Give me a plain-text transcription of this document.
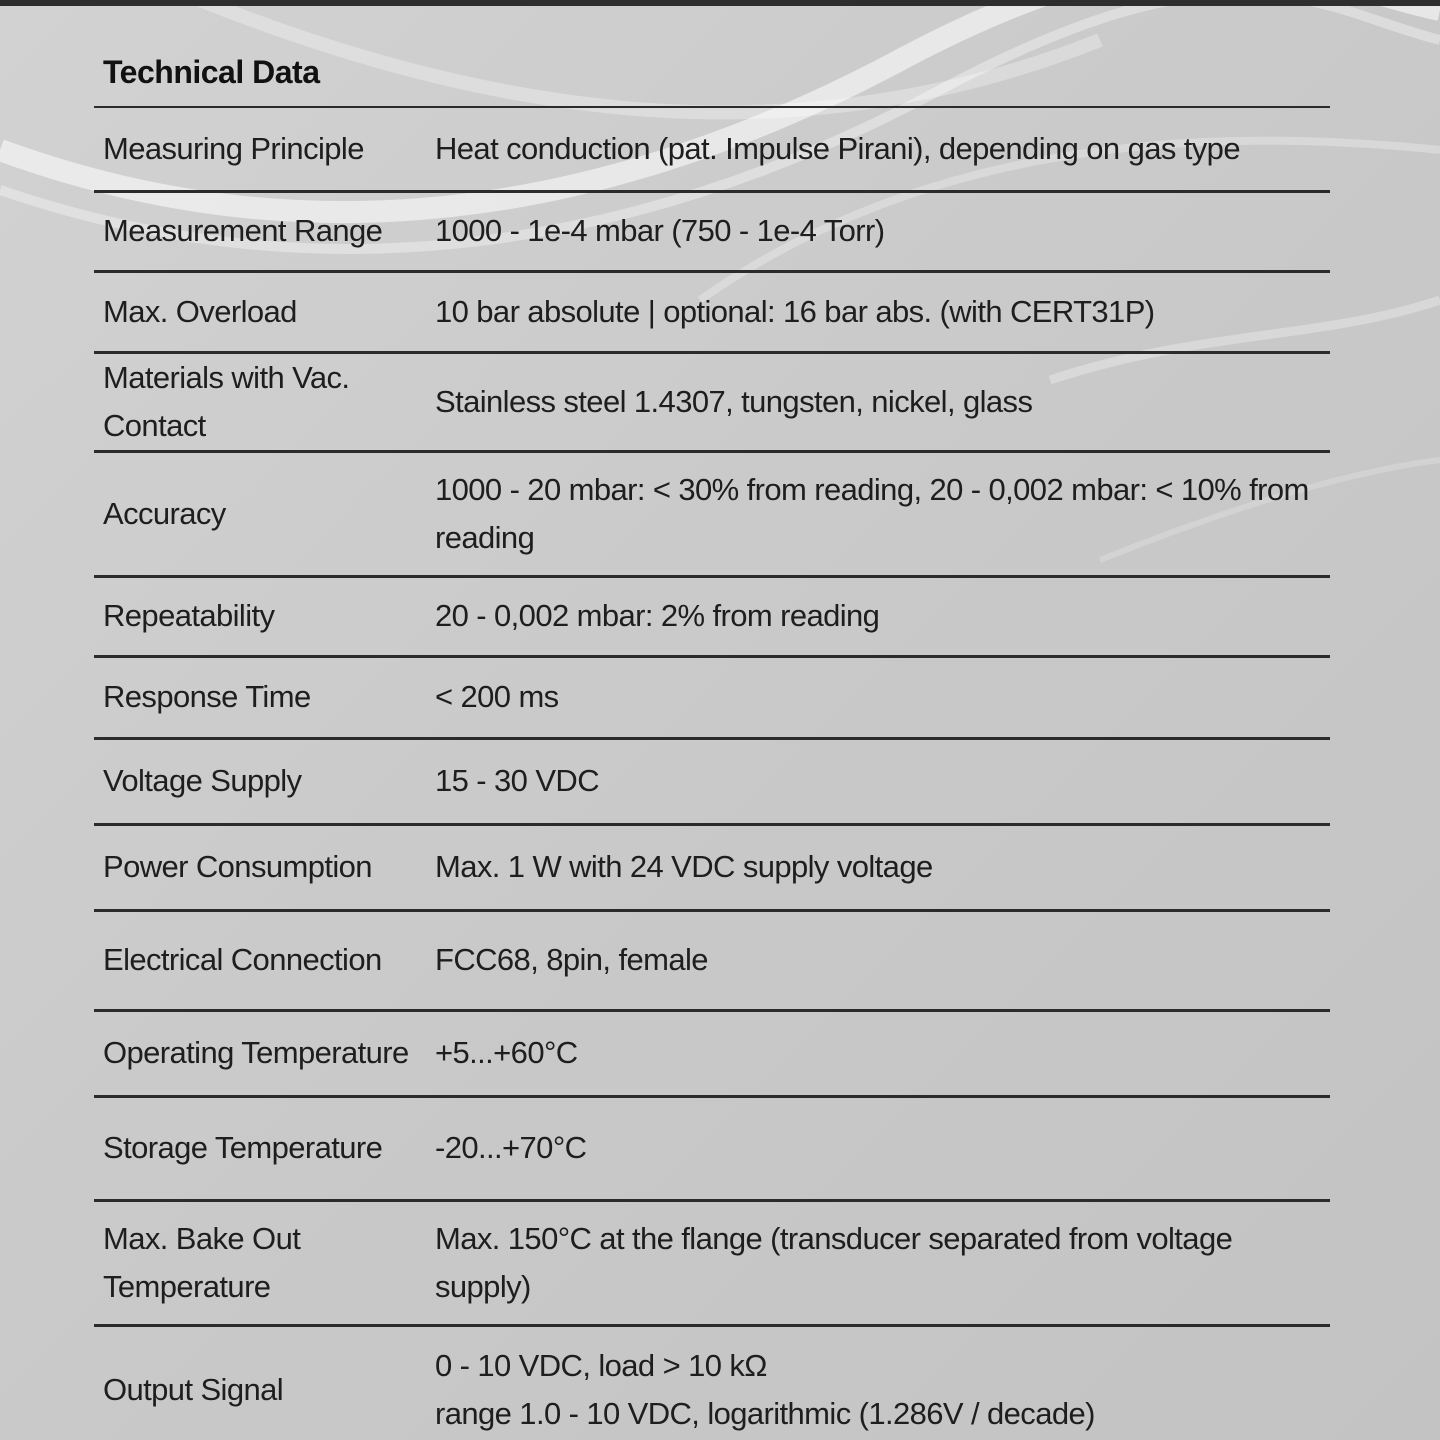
Technical Data
Measuring Principle	Heat conduction (pat. Impulse Pirani), depending on gas type

Measurement Range	1000 - 1e-4 mbar (750 - 1e-4 Torr)

Max. Overload	10 bar absolute | optional: 16 bar abs. (with CERT31P)

Materials with Vac. Contact	Stainless steel 1.4307, tungsten, nickel, glass

Accuracy	1000 - 20 mbar: < 30% from reading, 20 - 0,002 mbar: < 10% from
reading

Repeatability	20 - 0,002 mbar: 2% from reading

Response Time	< 200 ms

Voltage Supply	15 - 30 VDC

Power Consumption	Max. 1 W with 24 VDC supply voltage

Electrical Connection	FCC68, 8pin, female

Operating Temperature	+5...+60°C

Storage Temperature	-20...+70°C

Max. Bake Out Temperature	Max. 150°C at the flange (transducer separated from voltage supply)

Output Signal	0 - 10 VDC, load > 10 kΩ
range 1.0 - 10 VDC, logarithmic (1.286V / decade)
